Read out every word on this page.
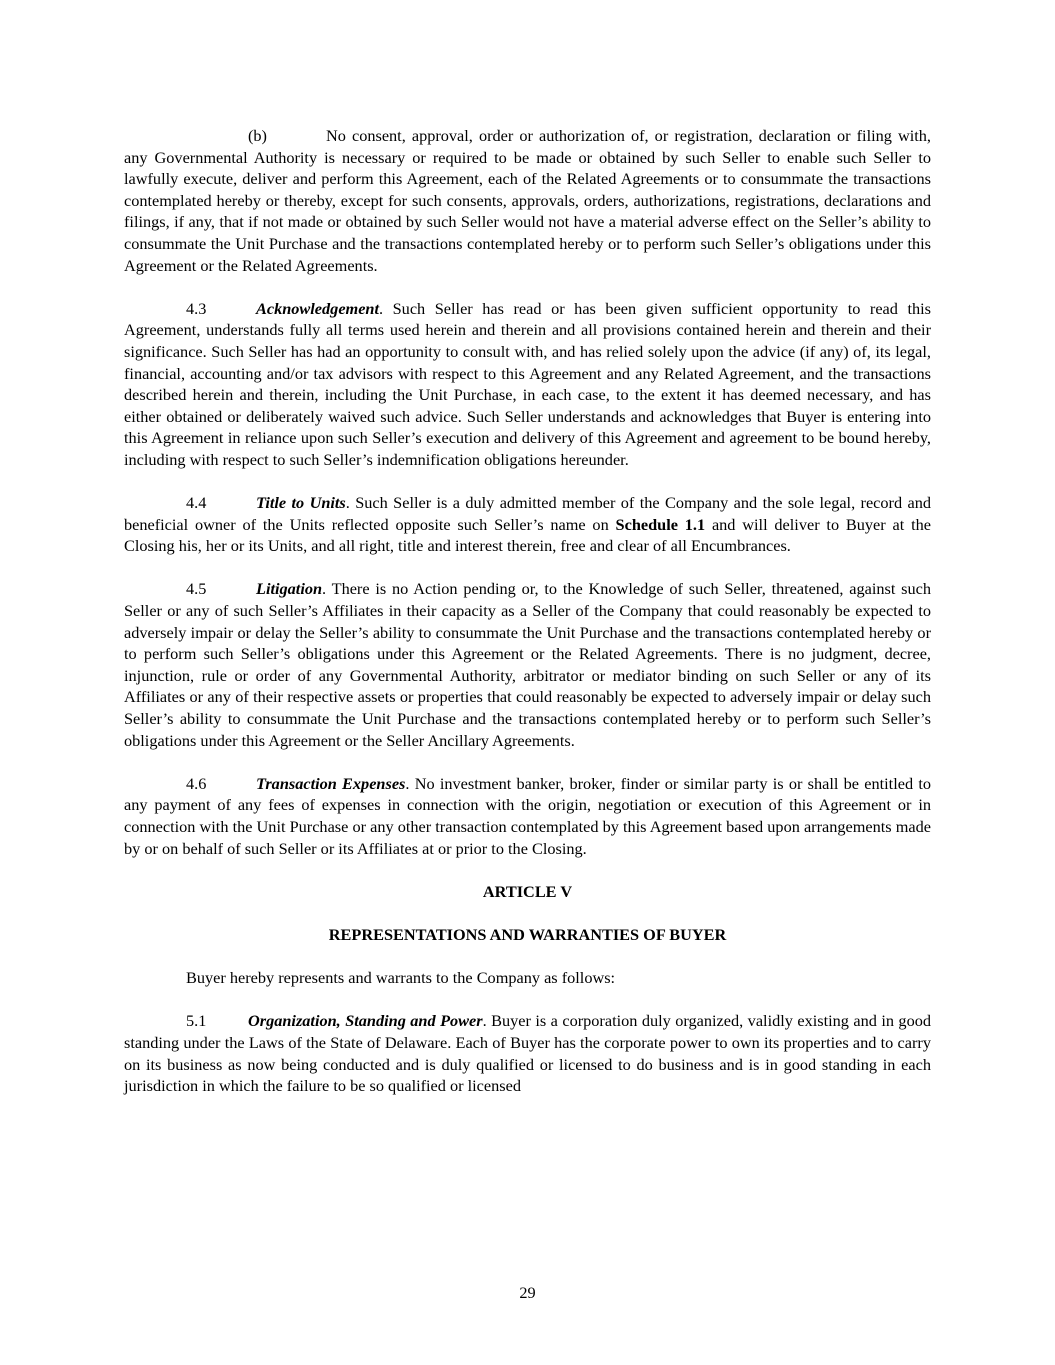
(b)	No consent, approval, order or authorization of, or registration, declaration or filing with, any Governmental Authority is necessary or required to be made or obtained by such Seller to enable such Seller to lawfully execute, deliver and perform this Agreement, each of the Related Agreements or to consummate the transactions contemplated hereby or thereby, except for such consents, approvals, orders, authorizations, registrations, declarations and filings, if any, that if not made or obtained by such Seller would not have a material adverse effect on the Seller’s ability to consummate the Unit Purchase and the transactions contemplated hereby or to perform such Seller’s obligations under this Agreement or the Related Agreements.

4.3	Acknowledgement. Such Seller has read or has been given sufficient opportunity to read this Agreement, understands fully all terms used herein and therein and all provisions contained herein and therein and their significance. Such Seller has had an opportunity to consult with, and has relied solely upon the advice (if any) of, its legal, financial, accounting and/or tax advisors with respect to this Agreement and any Related Agreement, and the transactions described herein and therein, including the Unit Purchase, in each case, to the extent it has deemed necessary, and has either obtained or deliberately waived such advice. Such Seller understands and acknowledges that Buyer is entering into this Agreement in reliance upon such Seller’s execution and delivery of this Agreement and agreement to be bound hereby, including with respect to such Seller’s indemnification obligations hereunder.

4.4	Title to Units. Such Seller is a duly admitted member of the Company and the sole legal, record and beneficial owner of the Units reflected opposite such Seller’s name on Schedule 1.1 and will deliver to Buyer at the Closing his, her or its Units, and all right, title and interest therein, free and clear of all Encumbrances.

4.5	Litigation. There is no Action pending or, to the Knowledge of such Seller, threatened, against such Seller or any of such Seller’s Affiliates in their capacity as a Seller of the Company that could reasonably be expected to adversely impair or delay the Seller’s ability to consummate the Unit Purchase and the transactions contemplated hereby or to perform such Seller’s obligations under this Agreement or the Related Agreements. There is no judgment, decree, injunction, rule or order of any Governmental Authority, arbitrator or mediator binding on such Seller or any of its Affiliates or any of their respective assets or properties that could reasonably be expected to adversely impair or delay such Seller’s ability to consummate the Unit Purchase and the transactions contemplated hereby or to perform such Seller’s obligations under this Agreement or the Seller Ancillary Agreements.

4.6	Transaction Expenses. No investment banker, broker, finder or similar party is or shall be entitled to any payment of any fees of expenses in connection with the origin, negotiation or execution of this Agreement or in connection with the Unit Purchase or any other transaction contemplated by this Agreement based upon arrangements made by or on behalf of such Seller or its Affiliates at or prior to the Closing.

ARTICLE V

REPRESENTATIONS AND WARRANTIES OF BUYER

Buyer hereby represents and warrants to the Company as follows:

5.1	Organization, Standing and Power. Buyer is a corporation duly organized, validly existing and in good standing under the Laws of the State of Delaware. Each of Buyer has the corporate power to own its properties and to carry on its business as now being conducted and is duly qualified or licensed to do business and is in good standing in each jurisdiction in which the failure to be so qualified or licensed

29
